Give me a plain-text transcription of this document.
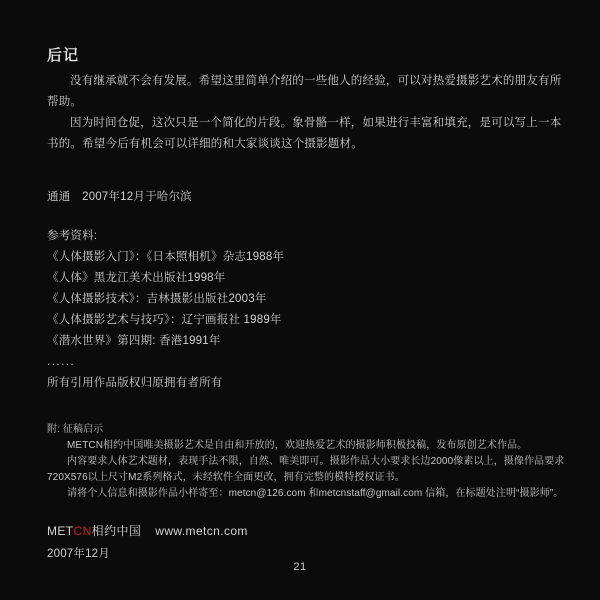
后记

没有继承就不会有发展。希望这里简单介绍的一些他人的经验，可以对热爱摄影艺术的朋友有所帮助。

因为时间仓促，这次只是一个简化的片段。象骨骼一样，如果进行丰富和填充，是可以写上一本书的。希望今后有机会可以详细的和大家谈谈这个摄影题材。

通通　2007年12月于哈尔滨

参考资料:

《人体摄影入门》：《日本照相机》杂志1988年

《人体》黑龙江美术出版社1998年

《人体摄影技术》：吉林摄影出版社2003年

《人体摄影艺术与技巧》：辽宁画报社 1989年

《潜水世界》第四期: 香港1991年

......

所有引用作品版权归原拥有者所有

附: 征稿启示

METCN相约中国唯美摄影艺术是自由和开放的，欢迎热爱艺术的摄影师积极投稿，发布原创艺术作品。

内容要求人体艺术题材，表现手法不限，自然、唯美即可。摄影作品大小要求长边2000像素以上，摄像作品要求720X576以上尺寸M2系列格式，未经软件全面更改，拥有完整的模特授权证书。

请将个人信息和摄影作品小样寄至：metcn@126.com 和metcnstaff@gmail.com 信箱，在标题处注明“摄影师”。

METCN相约中国 www.metcn.com

2007年12月

21
